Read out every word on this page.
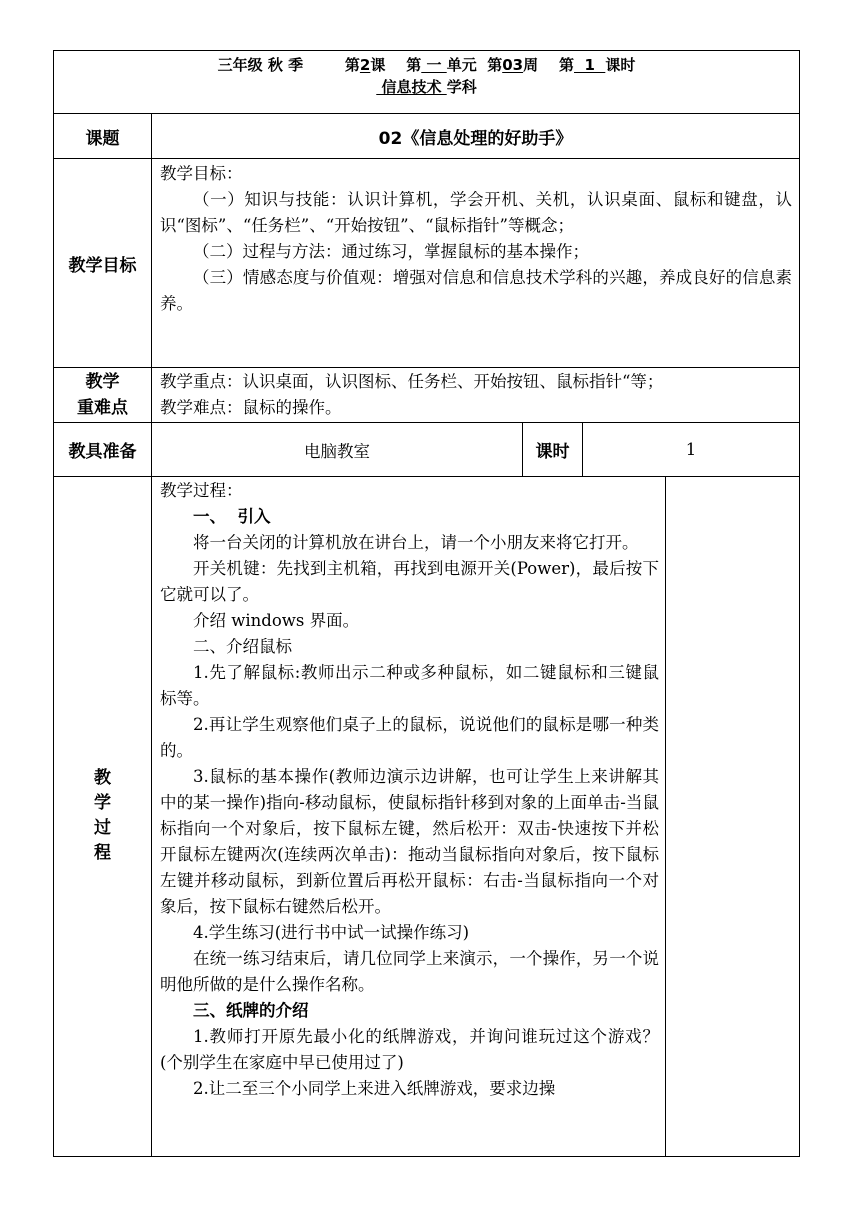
三年级 秋 季	第2课 第 一 单元 第03周 第  1  课时
信息技术 学科
课题	02《信息处理的好助手》
教学目标

教学目标：

（一）知识与技能：认识计算机，学会开机、关机，认识桌面、鼠标和键盘，认识“图标”、“任务栏”、“开始按钮”、“鼠标指针”等概念；

（二）过程与方法：通过练习，掌握鼠标的基本操作；

（三）情感态度与价值观：增强对信息和信息技术学科的兴趣，养成良好的信息素养。

教学
重难点

教学重点：认识桌面，认识图标、任务栏、开始按钮、鼠标指针“等；

教学难点：鼠标的操作。

教具准备	电脑教室	课时	1
教
学
过
程

教学过程：

一、  引入

将一台关闭的计算机放在讲台上，请一个小朋友来将它打开。

开关机键：先找到主机箱，再找到电源开关(Power)，最后按下它就可以了。

介绍 windows 界面。

二、介绍鼠标

1.先了解鼠标:教师出示二种或多种鼠标，如二键鼠标和三键鼠标等。

2.再让学生观察他们桌子上的鼠标，说说他们的鼠标是哪一种类的。

3.鼠标的基本操作(教师边演示边讲解，也可让学生上来讲解其中的某一操作)指向-移动鼠标，使鼠标指针移到对象的上面单击-当鼠标指向一个对象后，按下鼠标左键，然后松开：双击-快速按下并松开鼠标左键两次(连续两次单击)：拖动当鼠标指向对象后，按下鼠标左键并移动鼠标，到新位置后再松开鼠标：右击-当鼠标指向一个对象后，按下鼠标右键然后松开。

4.学生练习(进行书中试一试操作练习)

在统一练习结束后，请几位同学上来演示，一个操作，另一个说明他所做的是什么操作名称。

三、纸牌的介绍

1.教师打开原先最小化的纸牌游戏，并询问谁玩过这个游戏？(个别学生在家庭中早已使用过了)

2.让二至三个小同学上来进入纸牌游戏，要求边操
